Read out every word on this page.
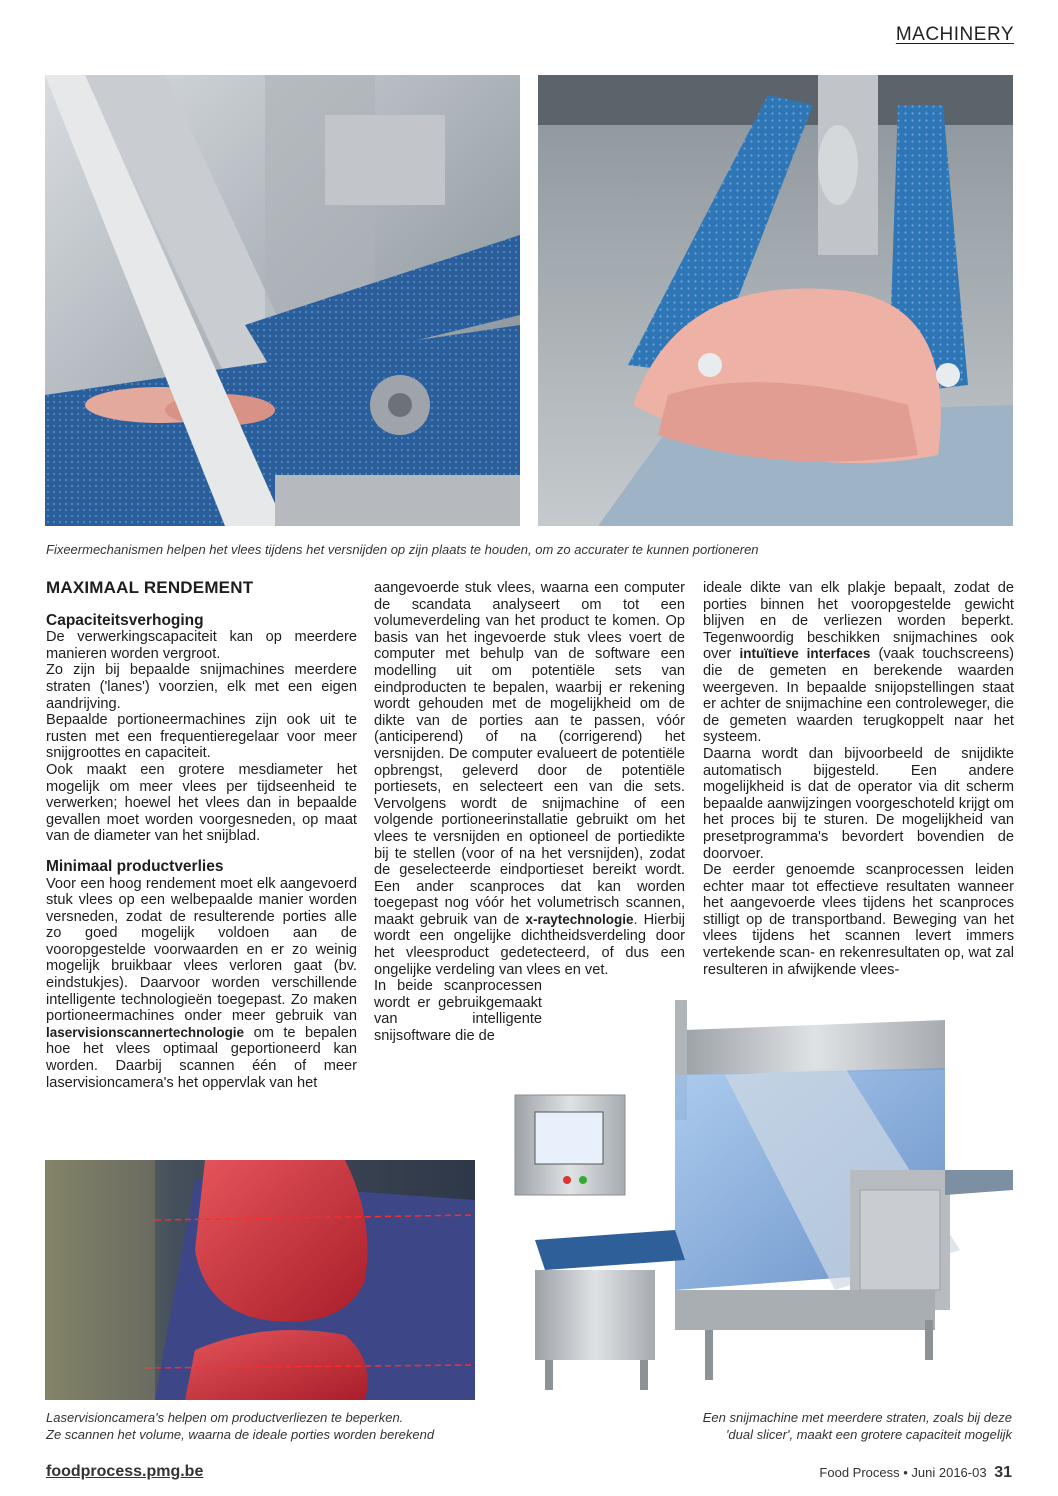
MACHINERY
Fixeermechanismen helpen het vlees tijdens het versnijden op zijn plaats te houden, om zo accurater te kunnen portioneren
MAXIMAAL RENDEMENT
Capaciteitsverhoging

De verwerkingscapaciteit kan op meerdere manieren worden vergroot.

Zo zijn bij bepaalde snijmachines meerdere straten ('lanes') voorzien, elk met een eigen aandrijving.

Bepaalde portioneermachines zijn ook uit te rusten met een frequentieregelaar voor meer snijgroottes en capaciteit.

Ook maakt een grotere mesdiameter het mogelijk om meer vlees per tijdseenheid te verwerken; hoewel het vlees dan in bepaalde gevallen moet worden voorgesneden, op maat van de diameter van het snijblad.

Minimaal productverlies

Voor een hoog rendement moet elk aangevoerd stuk vlees op een welbepaalde manier worden versneden, zodat de resulterende porties alle zo goed mogelijk voldoen aan de vooropgestelde voorwaarden en er zo weinig mogelijk bruikbaar vlees verloren gaat (bv. eindstukjes). Daarvoor worden verschillende intelligente technologieën toegepast. Zo maken portioneermachines onder meer gebruik van laservisionscannertechnologie om te bepalen hoe het vlees optimaal geportioneerd kan worden. Daarbij scannen één of meer laservisioncamera's het oppervlak van het

aangevoerde stuk vlees, waarna een computer de scandata analyseert om tot een volumeverdeling van het product te komen. Op basis van het ingevoerde stuk vlees voert de computer met behulp van de software een modelling uit om potentiële sets van eindproducten te bepalen, waarbij er rekening wordt gehouden met de mogelijkheid om de dikte van de porties aan te passen, vóór (anticiperend) of na (corrigerend) het versnijden. De computer evalueert de potentiële opbrengst, geleverd door de potentiële portiesets, en selecteert een van die sets. Vervolgens wordt de snijmachine of een volgende portioneerinstallatie gebruikt om het vlees te versnijden en optioneel de portiedikte bij te stellen (voor of na het versnijden), zodat de geselecteerde eindportieset bereikt wordt. Een ander scanproces dat kan worden toegepast nog vóór het volumetrisch scannen, maakt gebruik van de x-raytechnologie. Hierbij wordt een ongelijke dichtheidsverdeling door het vleesproduct gedetecteerd, of dus een ongelijke verdeling van vlees en vet.

In beide scanprocessen wordt er gebruikgemaakt van intelligente snijsoftware die de

ideale dikte van elk plakje bepaalt, zodat de porties binnen het vooropgestelde gewicht blijven en de verliezen worden beperkt. Tegenwoordig beschikken snijmachines ook over intuïtieve interfaces (vaak touchscreens) die de gemeten en berekende waarden weergeven. In bepaalde snijopstellingen staat er achter de snijmachine een controleweger, die de gemeten waarden terugkoppelt naar het systeem.

Daarna wordt dan bijvoorbeeld de snijdikte automatisch bijgesteld. Een andere mogelijkheid is dat de operator via dit scherm bepaalde aanwijzingen voorgeschoteld krijgt om het proces bij te sturen. De mogelijkheid van presetprogramma's bevordert bovendien de doorvoer.

De eerder genoemde scanprocessen leiden echter maar tot effectieve resultaten wanneer het aangevoerde vlees tijdens het scanproces stilligt op de transportband. Beweging van het vlees tijdens het scannen levert immers vertekende scan- en rekenresultaten op, wat zal resulteren in afwijkende vlees-

Laservisioncamera's helpen om productverliezen te beperken.
Ze scannen het volume, waarna de ideale porties worden berekend
Een snijmachine met meerdere straten, zoals bij deze
'dual slicer', maakt een grotere capaciteit mogelijk
foodprocess.pmg.be	Food Process • Juni 2016-03 31
